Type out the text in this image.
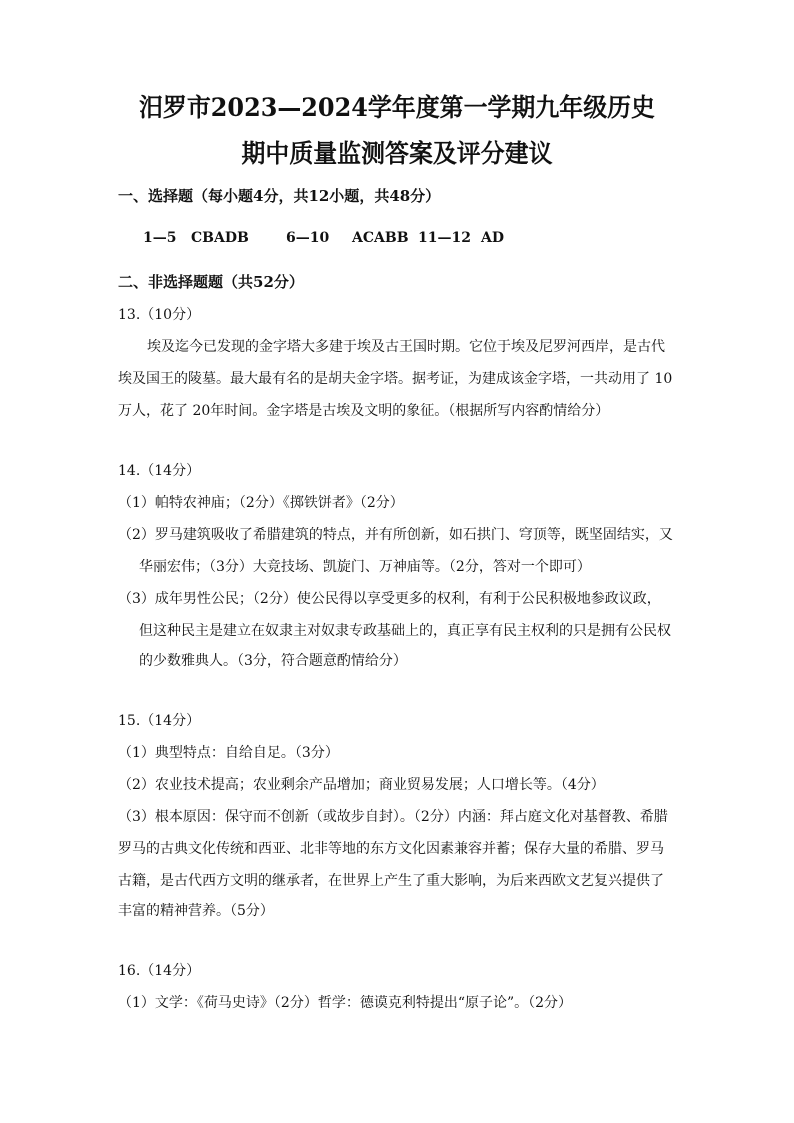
汨罗市2023—2024学年度第一学期九年级历史
期中质量监测答案及评分建议
一、选择题（每小题4分，共12小题，共48分）
1—5 CBADB	6—10 ACABB 11—12 AD
二、非选择题题（共52分）
13.（10分）
埃及迄今已发现的金字塔大多建于埃及古王国时期。它位于埃及尼罗河西岸，是古代
埃及国王的陵墓。最大最有名的是胡夫金字塔。据考证，为建成该金字塔，一共动用了 10
万人，花了 20年时间。金字塔是古埃及文明的象征。（根据所写内容酌情给分）
14.（14分）
（1）帕特农神庙；（2分）《掷铁饼者》（2分）
（2）罗马建筑吸收了希腊建筑的特点，并有所创新，如石拱门、穹顶等，既坚固结实，又
华丽宏伟；（3分）大竞技场、凯旋门、万神庙等。（2分，答对一个即可）
（3）成年男性公民；（2分）使公民得以享受更多的权利，有利于公民积极地参政议政，
但这种民主是建立在奴隶主对奴隶专政基础上的，真正享有民主权利的只是拥有公民权
的少数雅典人。（3分，符合题意酌情给分）
15.（14分）
（1）典型特点：自给自足。（3分）
（2）农业技术提高；农业剩余产品增加；商业贸易发展；人口增长等。（4分）
（3）根本原因：保守而不创新（或故步自封）。（2分）内涵：拜占庭文化对基督教、希腊
罗马的古典文化传统和西亚、北非等地的东方文化因素兼容并蓄；保存大量的希腊、罗马
古籍，是古代西方文明的继承者，在世界上产生了重大影响，为后来西欧文艺复兴提供了
丰富的精神营养。（5分）
16.（14分）
（1）文学：《荷马史诗》（2分）哲学：德谟克利特提出“原子论”。（2分）
